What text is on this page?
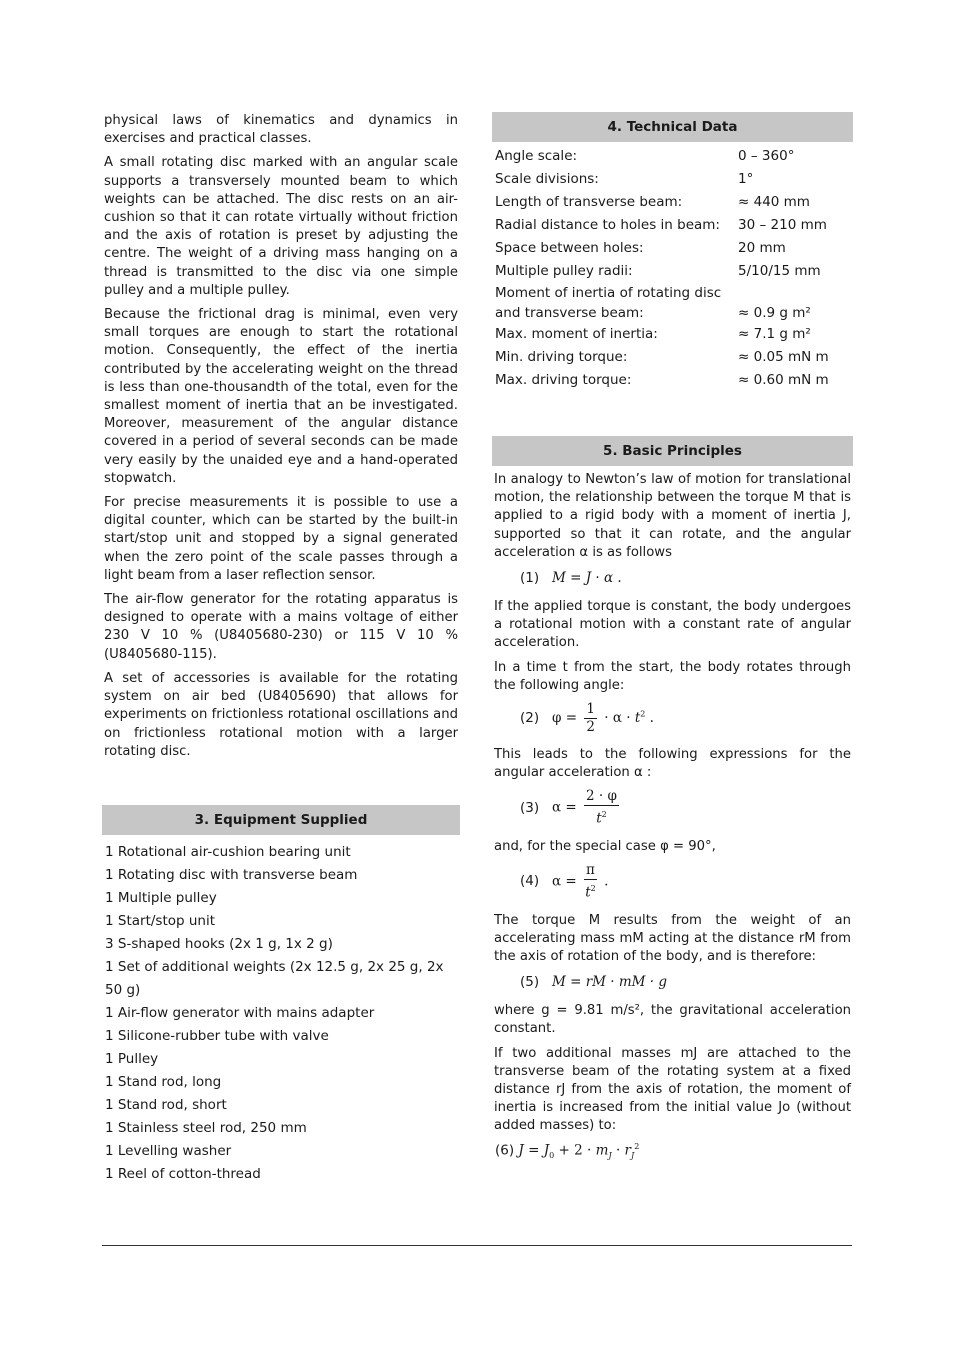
physical laws of kinematics and dynamics in exercises and practical classes.

A small rotating disc marked with an angular scale supports a transversely mounted beam to which weights can be attached. The disc rests on an air-cushion so that it can rotate virtually without friction and the axis of rotation is preset by adjusting the centre. The weight of a driving mass hanging on a thread is transmitted to the disc via one simple pulley and a multiple pulley.

Because the frictional drag is minimal, even very small torques are enough to start the rotational motion. Consequently, the effect of the inertia contributed by the accelerating weight on the thread is less than one-thousandth of the total, even for the smallest moment of inertia that an be investigated. Moreover, measurement of the angular distance covered in a period of several seconds can be made very easily by the unaided eye and a hand-operated stopwatch.

For precise measurements it is possible to use a digital counter, which can be started by the built-in start/stop unit and stopped by a signal generated when the zero point of the scale passes through a light beam from a laser reflection sensor.

The air-flow generator for the rotating apparatus is designed to operate with a mains voltage of either 230 V 10 % (U8405680-230) or 115 V 10 % (U8405680-115).

A set of accessories is available for the rotating system on air bed (U8405690) that allows for experiments on frictionless rotational oscillations and on frictionless rotational motion with a larger rotating disc.

3. Equipment Supplied
1 Rotational air-cushion bearing unit
1 Rotating disc with transverse beam
1 Multiple pulley
1 Start/stop unit
3 S-shaped hooks (2x 1 g, 1x 2 g)
1 Set of additional weights (2x 12.5 g, 2x 25 g, 2x 50 g)
1 Air-flow generator with mains adapter
1 Silicone-rubber tube with valve
1 Pulley
1 Stand rod, long
1 Stand rod, short
1 Stainless steel rod, 250 mm
1 Levelling washer
1 Reel of cotton-thread
4. Technical Data
Angle scale:	0 – 360°
Scale divisions:	1°
Length of transverse beam:	≈ 440 mm
Radial distance to holes in beam:	30 – 210 mm
Space between holes:	20 mm
Multiple pulley radii:	5/10/15 mm
Moment of inertia of rotating disc and transverse beam:	≈ 0.9 g m²
Max. moment of inertia:	≈ 7.1 g m²
Min. driving torque:	≈ 0.05 mN m
Max. driving torque:	≈ 0.60 mN m
5. Basic Principles

In analogy to Newton’s law of motion for translational motion, the relationship between the torque M that is applied to a rigid body with a moment of inertia J, supported so that it can rotate, and the angular acceleration α is as follows

(1) M = J · α .

If the applied torque is constant, the body undergoes a rotational motion with a constant rate of angular acceleration.

In a time t from the start, the body rotates through the following angle:

(2) $\varphi = \frac{1}{2} \cdot \alpha \cdot t^2$ .

This leads to the following expressions for the angular acceleration α :

(3) $\alpha = \frac{2 \cdot \varphi}{t^2}$

and, for the special case φ = 90°,

(4) $\alpha = \frac{\pi}{t^2}$ .

The torque M results from the weight of an accelerating mass mM acting at the distance rM from the axis of rotation of the body, and is therefore:

(5) M = rM · mM · g

where g = 9.81 m/s², the gravitational acceleration constant.

If two additional masses mJ are attached to the transverse beam of the rotating system at a fixed distance rJ from the axis of rotation, the moment of inertia is increased from the initial value Jo (without added masses) to:

(6) $J = J_0 + 2 \cdot m_J \cdot r_J^2$
